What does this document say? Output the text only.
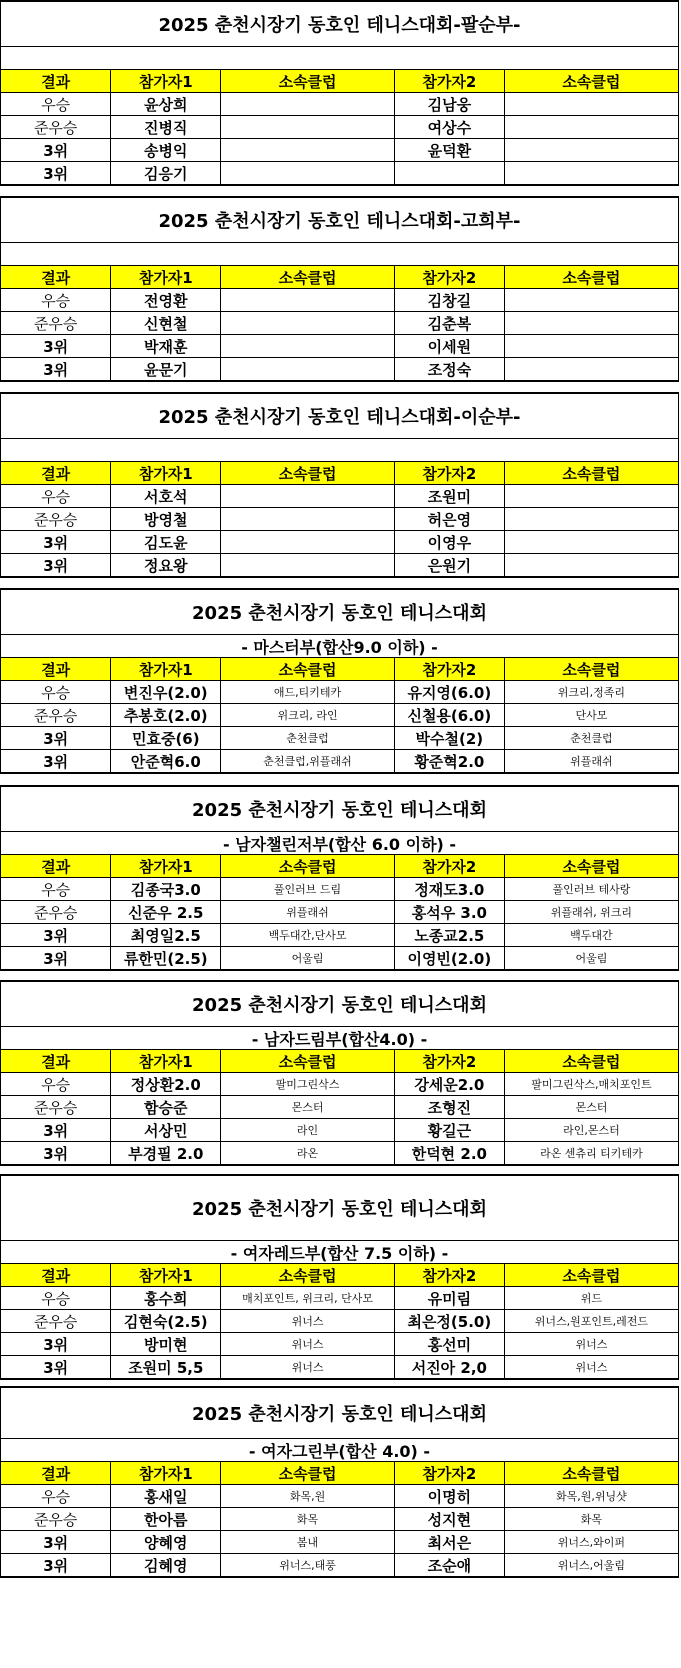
2025 춘천시장기 동호인 테니스대회-팔순부-
결과	참가자1	소속클럽	참가자2	소속클럽
우승	윤상희		김남웅	
준우승	진병직		여상수	
3위	송병익		윤덕환	
3위	김응기			
2025 춘천시장기 동호인 테니스대회-고희부-
결과	참가자1	소속클럽	참가자2	소속클럽
우승	전영환		김창길	
준우승	신현철		김춘복	
3위	박재훈		이세원	
3위	윤문기		조정숙	
2025 춘천시장기 동호인 테니스대회-이순부-
결과	참가자1	소속클럽	참가자2	소속클럽
우승	서호석		조원미	
준우승	방영철		허은영	
3위	김도윤		이영우	
3위	정요왕		은원기	
2025 춘천시장기 동호인 테니스대회
- 마스터부(합산9.0 이하) -
결과	참가자1	소속클럽	참가자2	소속클럽
우승	변진우(2.0)	애드,티키테카	유지영(6.0)	위크리,정족리
준우승	추봉호(2.0)	위크리, 라인	신철용(6.0)	단사모
3위	민효중(6)	춘천클럽	박수철(2)	춘천클럽
3위	안준혁6.0	춘천클럽,위플래쉬	황준혁2.0	위플래쉬
2025 춘천시장기 동호인 테니스대회
- 남자챌린저부(합산 6.0 이하) -
결과	참가자1	소속클럽	참가자2	소속클럽
우승	김종국3.0	풀인러브 드림	정재도3.0	풀인러브 테사랑
준우승	신준우 2.5	위플래쉬	홍석우 3.0	위플래쉬, 위크리
3위	최영일2.5	백두대간,단사모	노종교2.5	백두대간
3위	류한민(2.5)	어울림	이영빈(2.0)	어울림
2025 춘천시장기 동호인 테니스대회
- 남자드림부(합산4.0) -
결과	참가자1	소속클럽	참가자2	소속클럽
우승	정상환2.0	팔미그린삭스	강세운2.0	팔미그린삭스,매치포인트
준우승	함승준	몬스터	조형진	몬스터
3위	서상민	라인	황길근	라인,몬스터
3위	부경필 2.0	라온	한덕현 2.0	라온 센츄리 티키테카
2025 춘천시장기 동호인 테니스대회
- 여자레드부(합산 7.5 이하) -
결과	참가자1	소속클럽	참가자2	소속클럽
우승	홍수희	매치포인트, 위크리, 단사모	유미림	위드
준우승	김현숙(2.5)	위너스	최은정(5.0)	위너스,원포인트,레전드
3위	방미현	위너스	홍선미	위너스
3위	조원미 5,5	위너스	서진아 2,0	위너스
2025 춘천시장기 동호인 테니스대회
- 여자그린부(합산 4.0) -
결과	참가자1	소속클럽	참가자2	소속클럽
우승	홍새일	화목,원	이명히	화목,원,위닝샷
준우승	한아름	화목	성지현	화목
3위	양혜영	봄내	최서은	위너스,와이퍼
3위	김혜영	위너스,태풍	조순애	위너스,어울림
